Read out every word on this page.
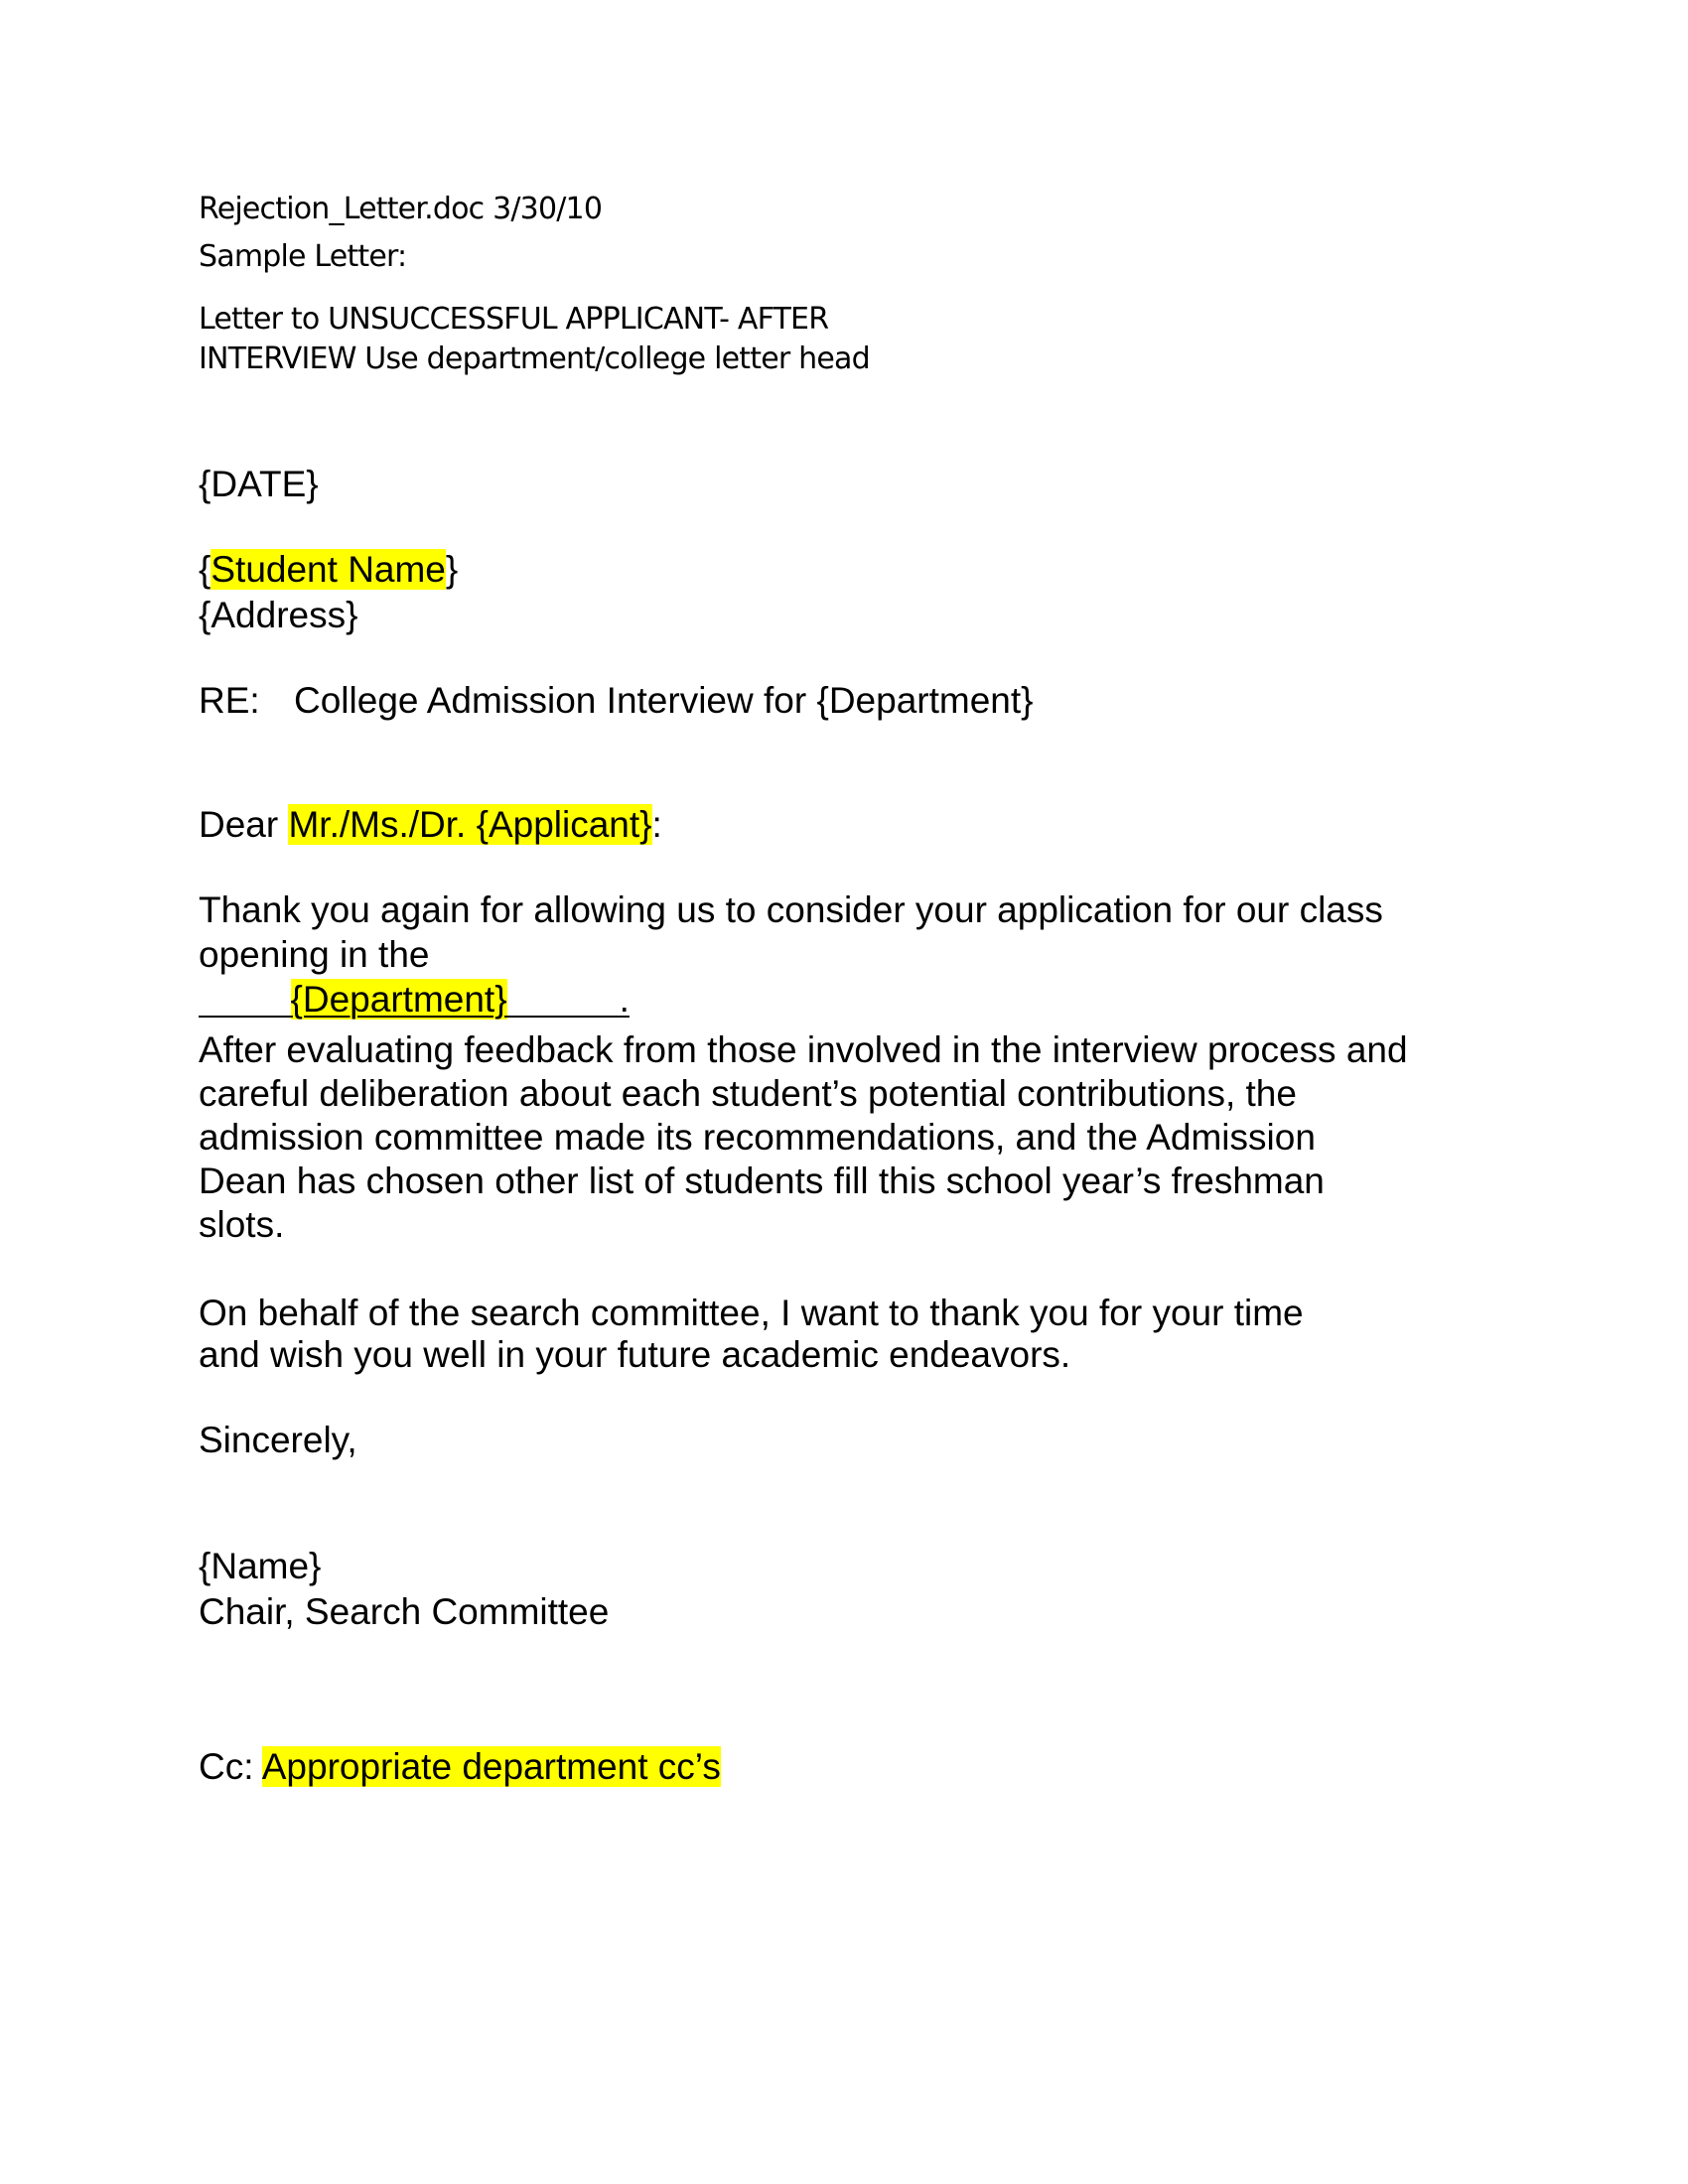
Rejection_Letter.doc 3/30/10

Sample Letter:

Letter to UNSUCCESSFUL APPLICANT- AFTER

INTERVIEW Use department/college letter head

{DATE}

{Student Name}

{Address}

RE: College Admission Interview for {Department}

Dear Mr./Ms./Dr. {Applicant}:

Thank you again for allowing us to consider your application for our class

opening in the

{Department}	.

After evaluating feedback from those involved in the interview process and

careful deliberation about each student’s potential contributions, the

admission committee made its recommendations, and the Admission

Dean has chosen other list of students fill this school year’s freshman

slots.

On behalf of the search committee, I want to thank you for your time

and wish you well in your future academic endeavors.

Sincerely,

{Name}

Chair, Search Committee

Cc: Appropriate department cc’s
